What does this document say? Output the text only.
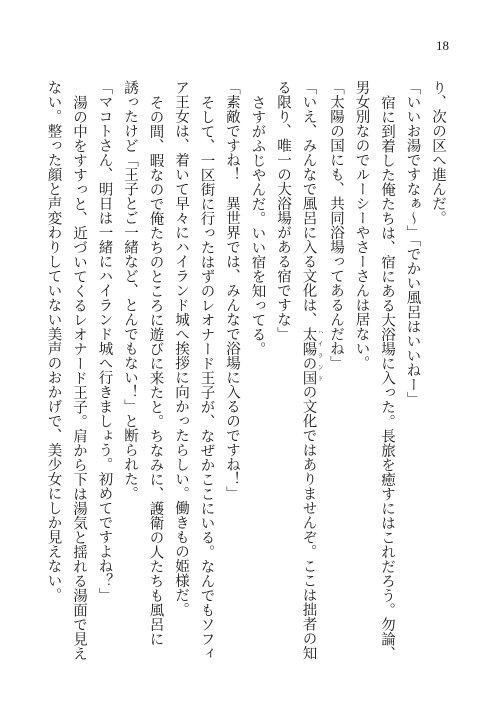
18
り、次の区へ進んだ。
「いいお湯ですなぁ～」「でかい風呂はいいねー」
宿に到着した俺たちは、宿にある大浴場に入った。長旅を癒すにはこれだろう。勿論、
男女別なのでルーシーやさーさんは居ない。
「太陽の国にも、共同浴場ってあるんだね」
「いえ、みんなで風呂に入る文化は、太陽の国 ハイランドの文化ではありませんぞ。ここは拙者の知
る限り、唯一の大浴場がある宿ですな」
さすがふじやんだ。いい宿を知ってる。
「素敵ですね！　異世界では、みんなで浴場に入るのですね！」
そして、一区街に行ったはずのレオナード王子が、なぜかここにいる。なんでもソフィ
ア王女は、着いて早々にハイランド城へ挨拶に向かったらしい。働きもの姫様だ。
その間、暇なので俺たちのところに遊びに来たと。ちなみに、護衛の人たちも風呂に
誘ったけど「王子とご一緒など、とんでもない！」と断られた。
「マコトさん、明日は一緒にハイランド城へ行きましょう。初めてですよね？」
湯の中をすすっと、近づいてくるレオナード王子。肩から下は湯気と揺れる湯面で見え
ない。整った顔と声変わりしていない美声のおかげで、美少女にしか見えない。
